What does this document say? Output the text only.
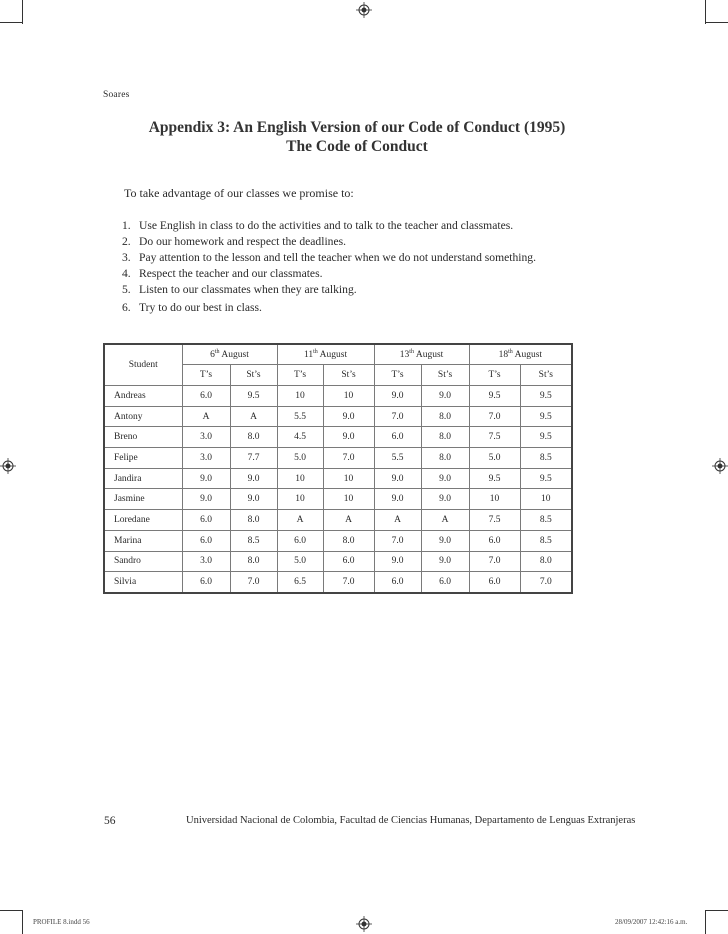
Soares
Appendix 3: An English Version of our Code of Conduct (1995)
The Code of Conduct
To take advantage of our classes we promise to:
1. Use English in class to do the activities and to talk to the teacher and classmates.
2. Do our homework and respect the deadlines.
3. Pay attention to the lesson and tell the teacher when we do not understand something.
4. Respect the teacher and our classmates.
5. Listen to our classmates when they are talking.
6. Try to do our best in class.
Student	6th August		11th August		13th August		18th August	
	T’s	St’s	T’s	St’s	T’s	St’s	T’s	St’s
Andreas	6.0	9.5	10	10	9.0	9.0	9.5	9.5
Antony	A	A	5.5	9.0	7.0	8.0	7.0	9.5
Breno	3.0	8.0	4.5	9.0	6.0	8.0	7.5	9.5
Felipe	3.0	7.7	5.0	7.0	5.5	8.0	5.0	8.5
Jandira	9.0	9.0	10	10	9.0	9.0	9.5	9.5
Jasmine	9.0	9.0	10	10	9.0	9.0	10	10
Loredane	6.0	8.0	A	A	A	A	7.5	8.5
Marina	6.0	8.5	6.0	8.0	7.0	9.0	6.0	8.5
Sandro	3.0	8.0	5.0	6.0	9.0	9.0	7.0	8.0
Silvia	6.0	7.0	6.5	7.0	6.0	6.0	6.0	7.0
56	Universidad Nacional de Colombia, Facultad de Ciencias Humanas, Departamento de Lenguas Extranjeras
PROFILE 8.indd 56	28/09/2007 12:42:16 a.m.
